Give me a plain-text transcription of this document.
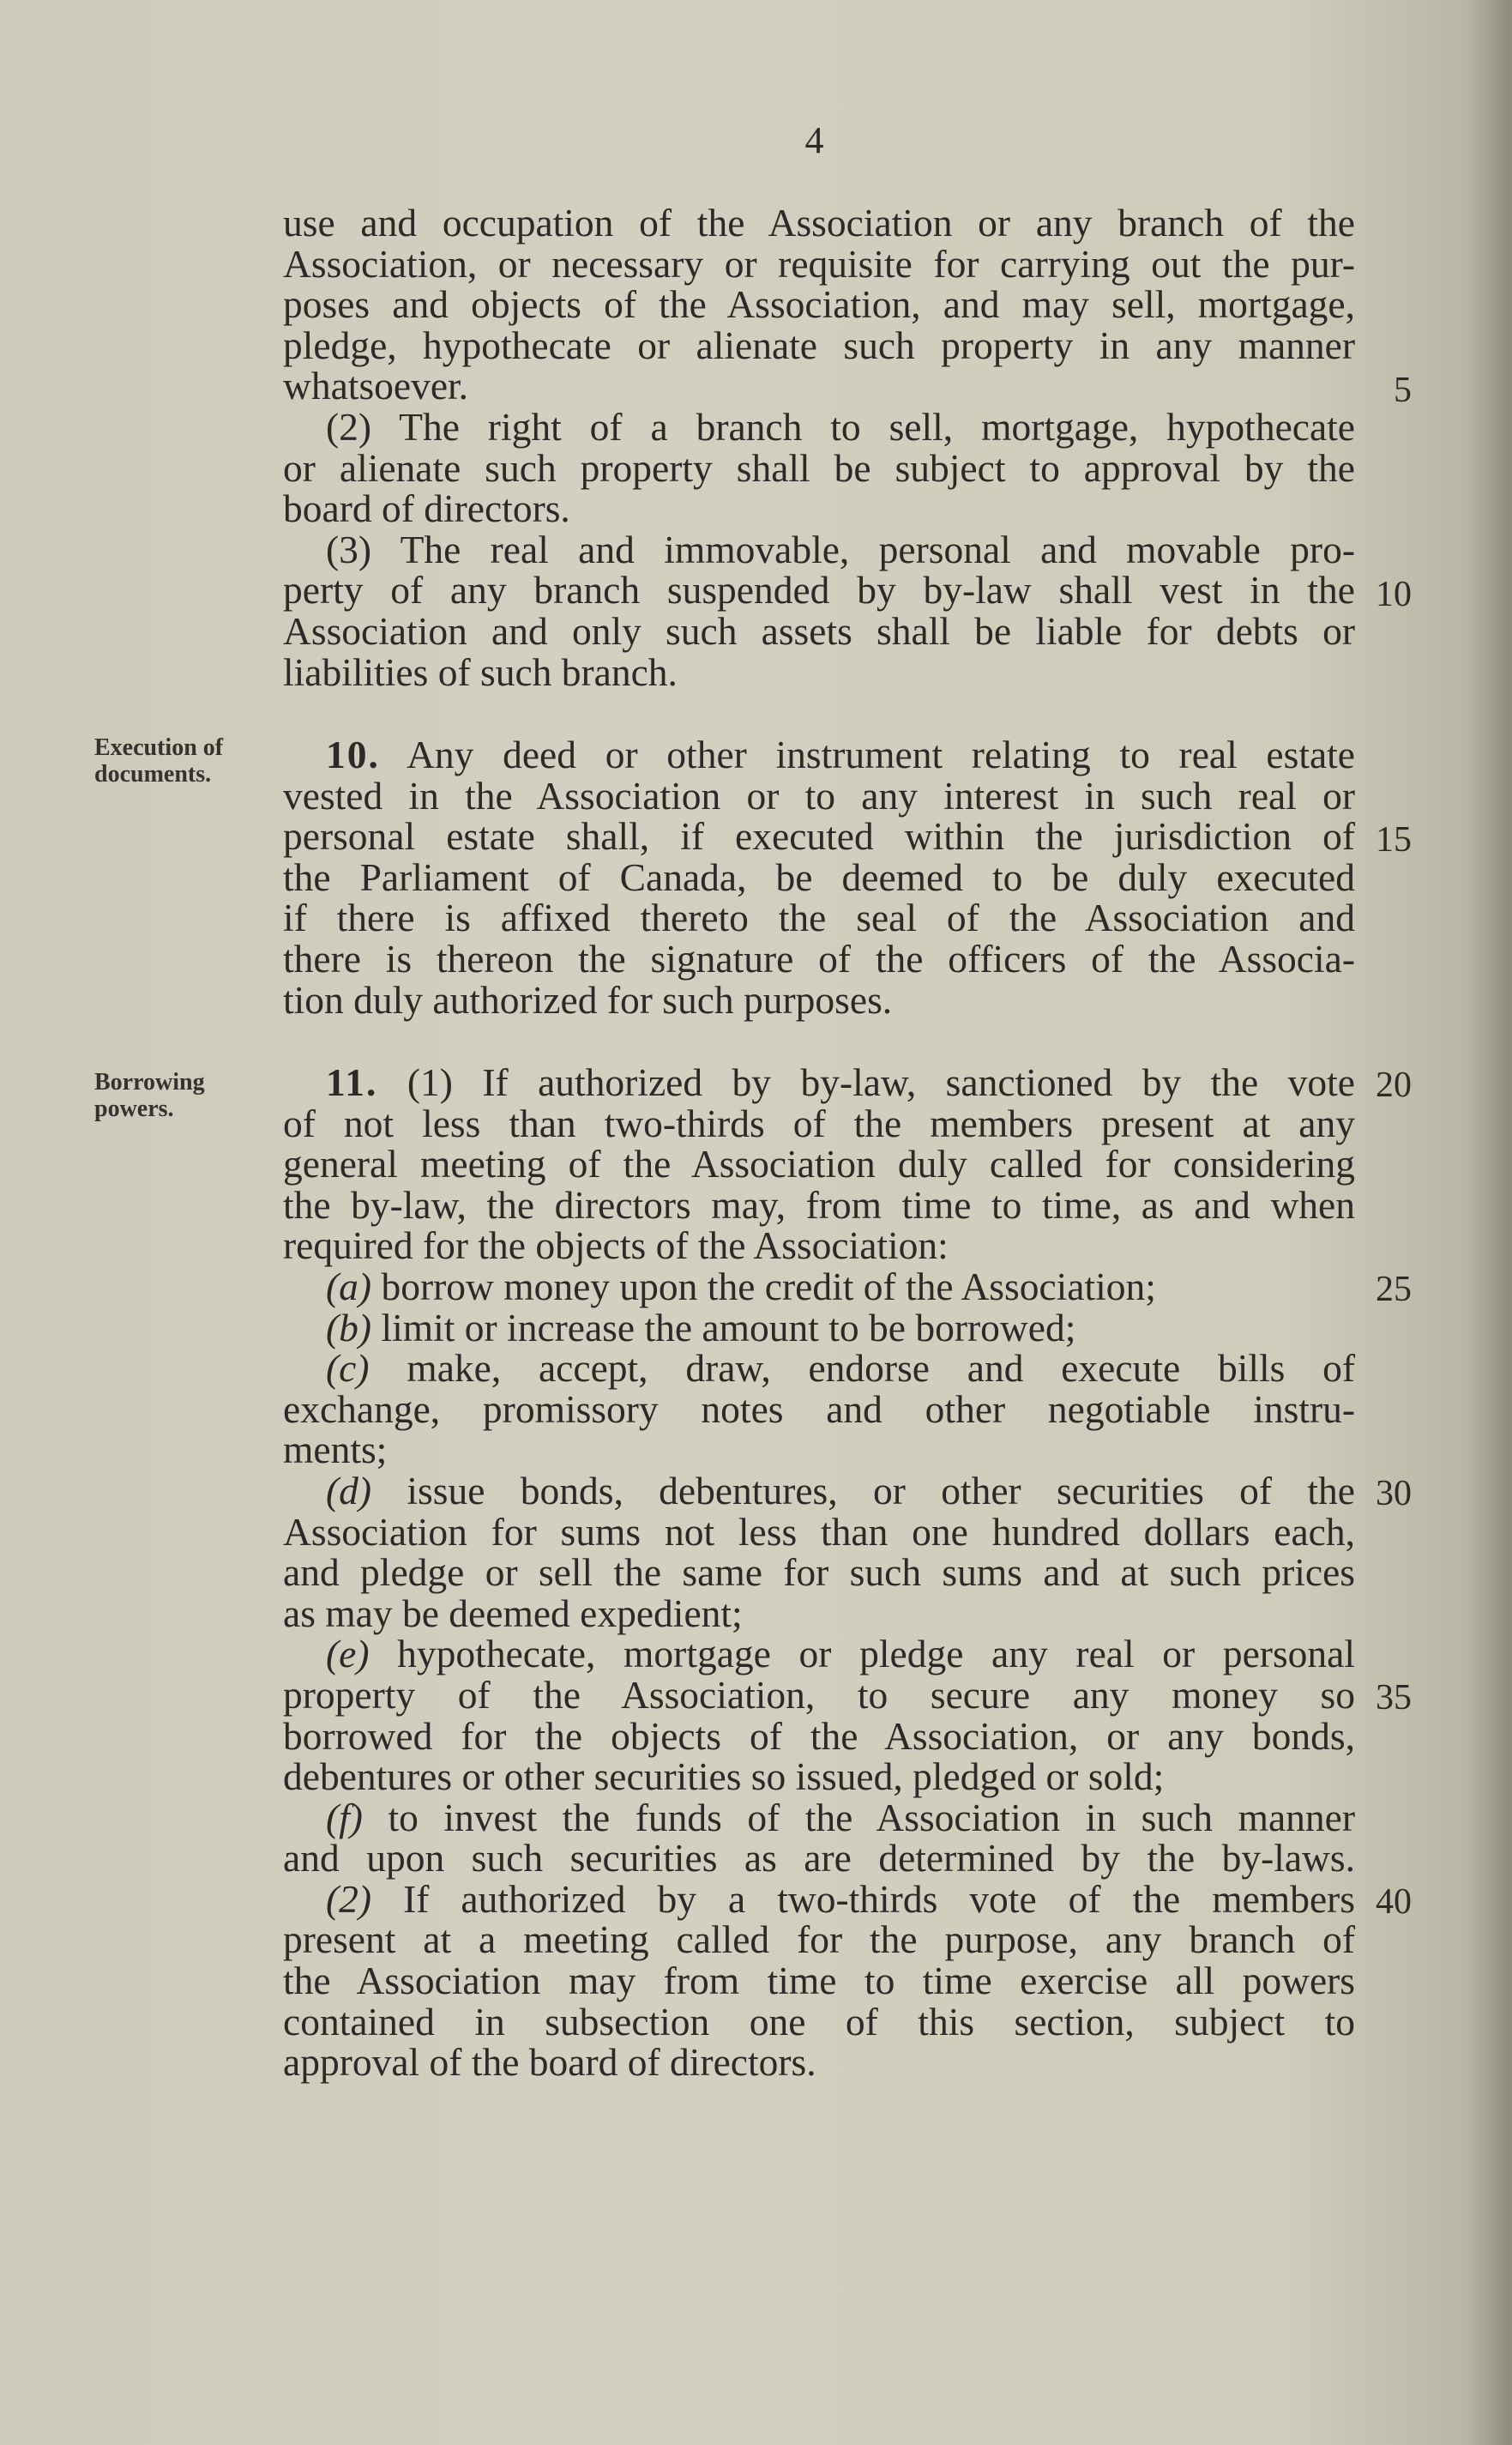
4
use and occupation of the Association or any branch of the
Association, or necessary or requisite for carrying out the pur-
poses and objects of the Association, and may sell, mortgage,
pledge, hypothecate or alienate such property in any manner
whatsoever.
(2) The right of a branch to sell, mortgage, hypothecate
or alienate such property shall be subject to approval by the
board of directors.
(3) The real and immovable, personal and movable pro-
perty of any branch suspended by by-law shall vest in the
Association and only such assets shall be liable for debts or
liabilities of such branch.
Execution of
documents.	10. Any deed or other instrument relating to real estate
vested in the Association or to any interest in such real or
personal estate shall, if executed within the jurisdiction of
the Parliament of Canada, be deemed to be duly executed
if there is affixed thereto the seal of the Association and
there is thereon the signature of the officers of the Associa-
tion duly authorized for such purposes.
Borrowing
powers.
11. (1) If authorized by by-law, sanctioned by the vote
of not less than two-thirds of the members present at any
general meeting of the Association duly called for considering
the by-law, the directors may, from time to time, as and when
required for the objects of the Association:
(a) borrow money upon the credit of the Association;
(b) limit or increase the amount to be borrowed;
(c) make, accept, draw, endorse and execute bills of
exchange, promissory notes and other negotiable instru-
ments;
(d) issue bonds, debentures, or other securities of the
Association for sums not less than one hundred dollars each,
and pledge or sell the same for such sums and at such prices
as may be deemed expedient;
(e) hypothecate, mortgage or pledge any real or personal
property of the Association, to secure any money so
borrowed for the objects of the Association, or any bonds,
debentures or other securities so issued, pledged or sold;
(f) to invest the funds of the Association in such manner
and upon such securities as are determined by the by-laws.
(2) If authorized by a two-thirds vote of the members
present at a meeting called for the purpose, any branch of
the Association may from time to time exercise all powers
contained in subsection one of this section, subject to
approval of the board of directors.
5
10
15
20
25
30
35
40
